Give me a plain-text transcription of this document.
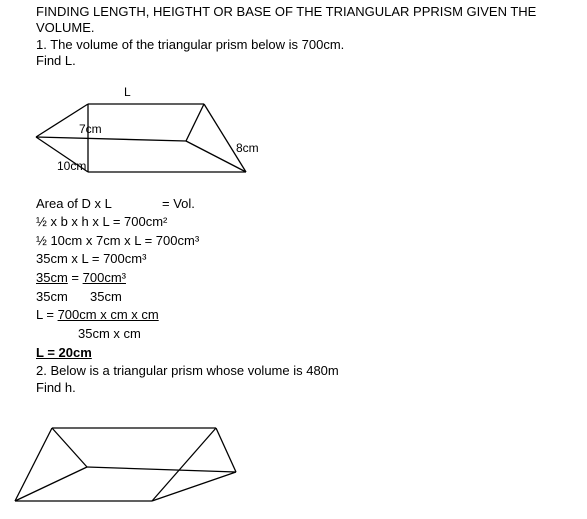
FINDING LENGTH, HEIGTHT OR BASE OF THE TRIANGULAR PPRISM GIVEN THE VOLUME.

1. The volume of the triangular prism below is 700cm.

Find L.

L
7cm
8cm
10cm

Area of D x L	= Vol.

½ x b x h x L = 700cm²

½ 10cm x 7cm x L = 700cm³

35cm x L = 700cm³

35cm = 700cm³

35cm 35cm

L = 700cm x cm x cm

35cm x cm

L = 20cm

2. Below is a triangular prism whose volume is 480m

Find h.
